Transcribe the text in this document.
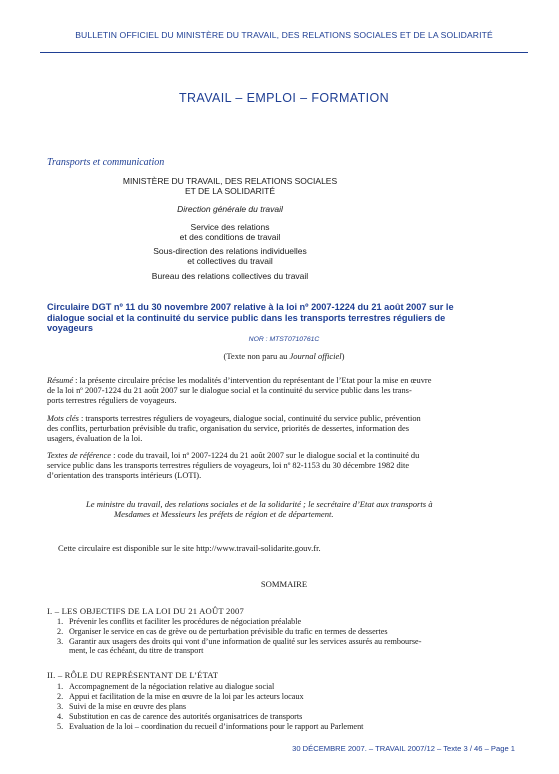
BULLETIN OFFICIEL DU MINISTÈRE DU TRAVAIL, DES RELATIONS SOCIALES ET DE LA SOLIDARITÉ
TRAVAIL – EMPLOI – FORMATION
Transports et communication
MINISTÈRE DU TRAVAIL, DES RELATIONS SOCIALES
ET DE LA SOLIDARITÉ
Direction générale du travail
Service des relations
et des conditions de travail
Sous-direction des relations individuelles
et collectives du travail
Bureau des relations collectives du travail
Circulaire DGT nº 11 du 30 novembre 2007 relative à la loi nº 2007-1224 du 21 août 2007 sur le
dialogue social et la continuité du service public dans les transports terrestres réguliers de
voyageurs
NOR : MTST0710761C
(Texte non paru au Journal officiel)
Résumé : la présente circulaire précise les modalités d’intervention du représentant de l’Etat pour la mise en œuvre
de la loi nº 2007-1224 du 21 août 2007 sur le dialogue social et la continuité du service public dans les trans-
ports terrestres réguliers de voyageurs.
Mots clés : transports terrestres réguliers de voyageurs, dialogue social, continuité du service public, prévention
des conflits, perturbation prévisible du trafic, organisation du service, priorités de dessertes, information des
usagers, évaluation de la loi.
Textes de référence : code du travail, loi nº 2007-1224 du 21 août 2007 sur le dialogue social et la continuité du
service public dans les transports terrestres réguliers de voyageurs, loi nº 82-1153 du 30 décembre 1982 dite
d’orientation des transports intérieurs (LOTI).
Le ministre du travail, des relations sociales et de la solidarité ; le secrétaire d’Etat aux transports à
Mesdames et Messieurs les préfets de région et de département.
Cette circulaire est disponible sur le site http://www.travail-solidarite.gouv.fr.
SOMMAIRE
I. – LES OBJECTIFS DE LA LOI DU 21 AOÛT 2007
1. Prévenir les conflits et faciliter les procédures de négociation préalable
2. Organiser le service en cas de grève ou de perturbation prévisible du trafic en termes de dessertes
3. Garantir aux usagers des droits qui vont d’une information de qualité sur les services assurés au rembourse-
ment, le cas échéant, du titre de transport
II. – RÔLE DU REPRÉSENTANT DE L’ÉTAT
1. Accompagnement de la négociation relative au dialogue social
2. Appui et facilitation de la mise en œuvre de la loi par les acteurs locaux
3. Suivi de la mise en œuvre des plans
4. Substitution en cas de carence des autorités organisatrices de transports
5. Evaluation de la loi – coordination du recueil d’informations pour le rapport au Parlement
30 DÉCEMBRE 2007. – TRAVAIL 2007/12 – Texte 3 / 46 – Page 1
